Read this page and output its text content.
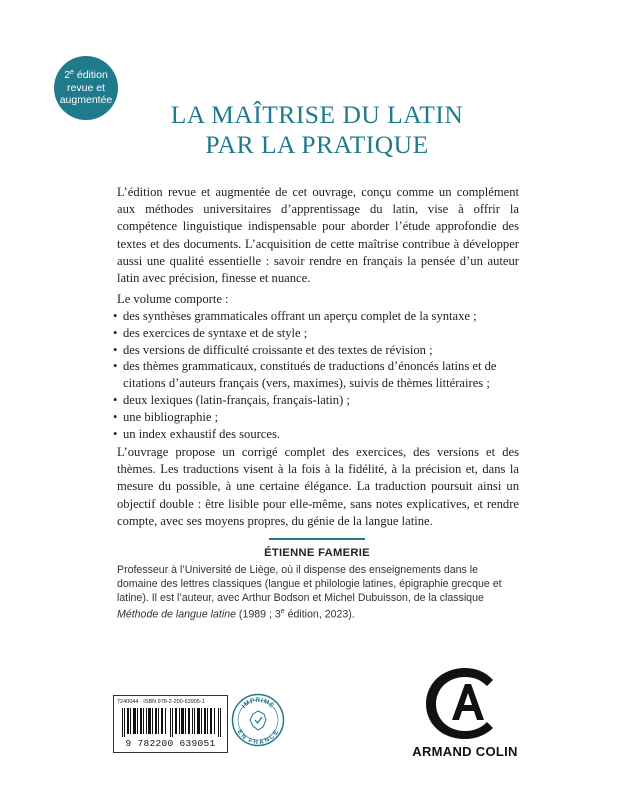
2e édition
revue et
augmentée	LA MAÎTRISE DU LATIN
PAR LA PRATIQUE

L’édition revue et augmentée de cet ouvrage, conçu comme un complément aux méthodes universitaires d’apprentissage du latin, vise à offrir la compétence linguistique indispensable pour aborder l’étude approfondie des textes et des documents. L’acquisition de cette maîtrise contribue à développer aussi une qualité essentielle : savoir rendre en français la pensée d’un auteur latin avec précision, finesse et nuance.

Le volume comporte :

• des synthèses grammaticales offrant un aperçu complet de la syntaxe ;
• des exercices de syntaxe et de style ;
• des versions de difficulté croissante et des textes de révision ;
• des thèmes grammaticaux, constitués de traductions d’énoncés latins et de citations d’auteurs français (vers, maximes), suivis de thèmes littéraires ;
• deux lexiques (latin-français, français-latin) ;
• une bibliographie ;
• un index exhaustif des sources.

L’ouvrage propose un corrigé complet des exercices, des versions et des thèmes. Les traductions visent à la fois à la fidélité, à la précision et, dans la mesure du possible, à une certaine élégance. La traduction poursuit ainsi un objectif double : être lisible pour elle-même, sans notes explicatives, et rendre compte, avec ses moyens propres, du génie de la langue latine.

ÉTIENNE FAMERIE

Professeur à l’Université de Liège, où il dispense des enseignements dans le domaine des lettres classiques (langue et philologie latines, épigraphie grecque et latine). Il est l’auteur, avec Arthur Bodson et Michel Dubuisson, de la classique Méthode de langue latine (1989 ; 3e édition, 2023).

7240044 · ISBN 978-2-200-63905-1
9 782200 639051
IMPRIMÉ
EN FRANCE
ARMAND COLIN
